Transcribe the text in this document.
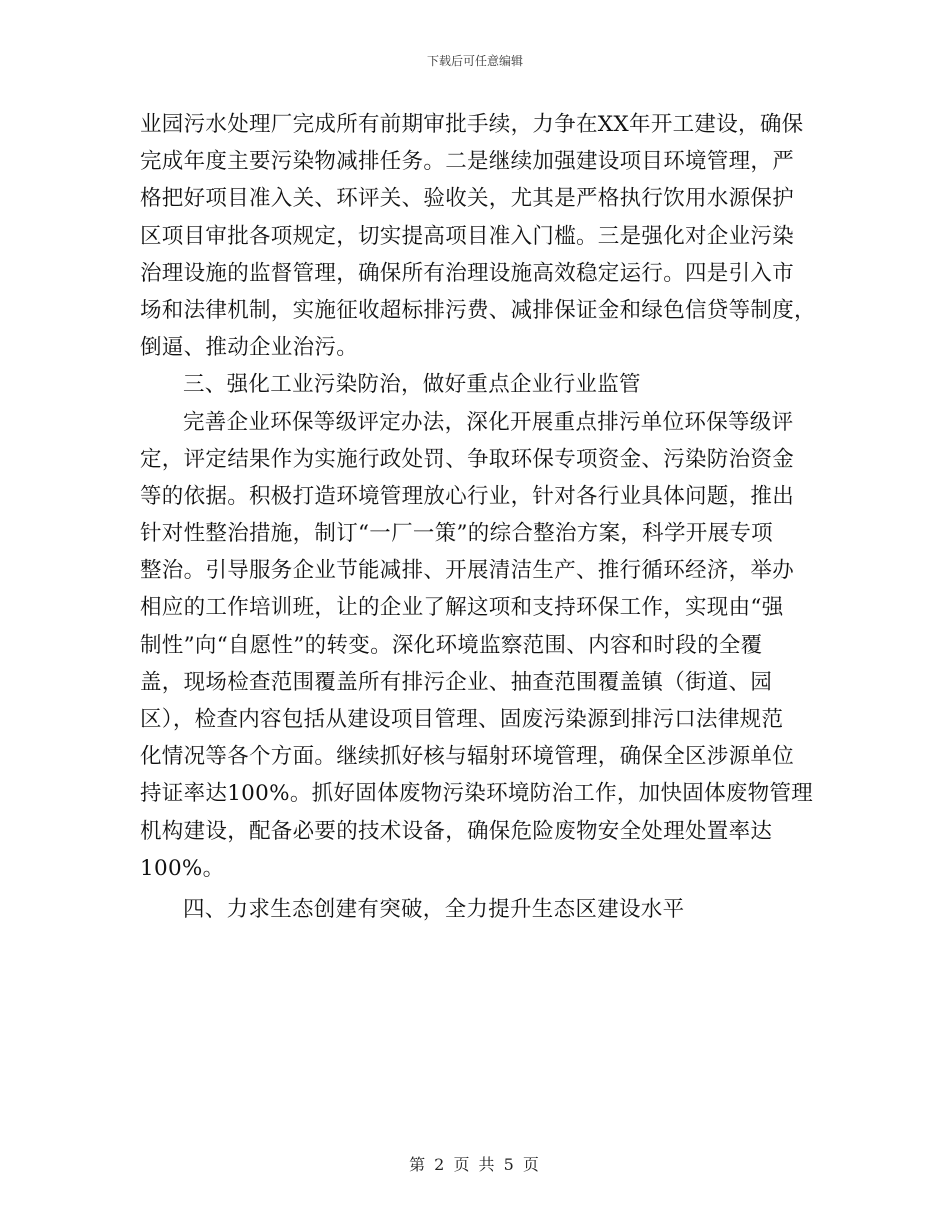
下载后可任意编辑
业园污水处理厂完成所有前期审批手续，力争在XX年开工建设，确保
完成年度主要污染物减排任务。二是继续加强建设项目环境管理，严
格把好项目准入关、环评关、验收关，尤其是严格执行饮用水源保护
区项目审批各项规定，切实提高项目准入门槛。三是强化对企业污染
治理设施的监督管理，确保所有治理设施高效稳定运行。四是引入市
场和法律机制，实施征收超标排污费、减排保证金和绿色信贷等制度，
倒逼、推动企业治污。
三、强化工业污染防治，做好重点企业行业监管
完善企业环保等级评定办法，深化开展重点排污单位环保等级评
定，评定结果作为实施行政处罚、争取环保专项资金、污染防治资金
等的依据。积极打造环境管理放心行业，针对各行业具体问题，推出
针对性整治措施，制订“一厂一策”的综合整治方案，科学开展专项
整治。引导服务企业节能减排、开展清洁生产、推行循环经济，举办
相应的工作培训班，让的企业了解这项和支持环保工作，实现由“强
制性”向“自愿性”的转变。深化环境监察范围、内容和时段的全覆
盖，现场检查范围覆盖所有排污企业、抽查范围覆盖镇（街道、园
区），检查内容包括从建设项目管理、固废污染源到排污口法律规范
化情况等各个方面。继续抓好核与辐射环境管理，确保全区涉源单位
持证率达100%。抓好固体废物污染环境防治工作，加快固体废物管理
机构建设，配备必要的技术设备，确保危险废物安全处理处置率达
100%。
四、力求生态创建有突破，全力提升生态区建设水平
第 2 页 共 5 页
